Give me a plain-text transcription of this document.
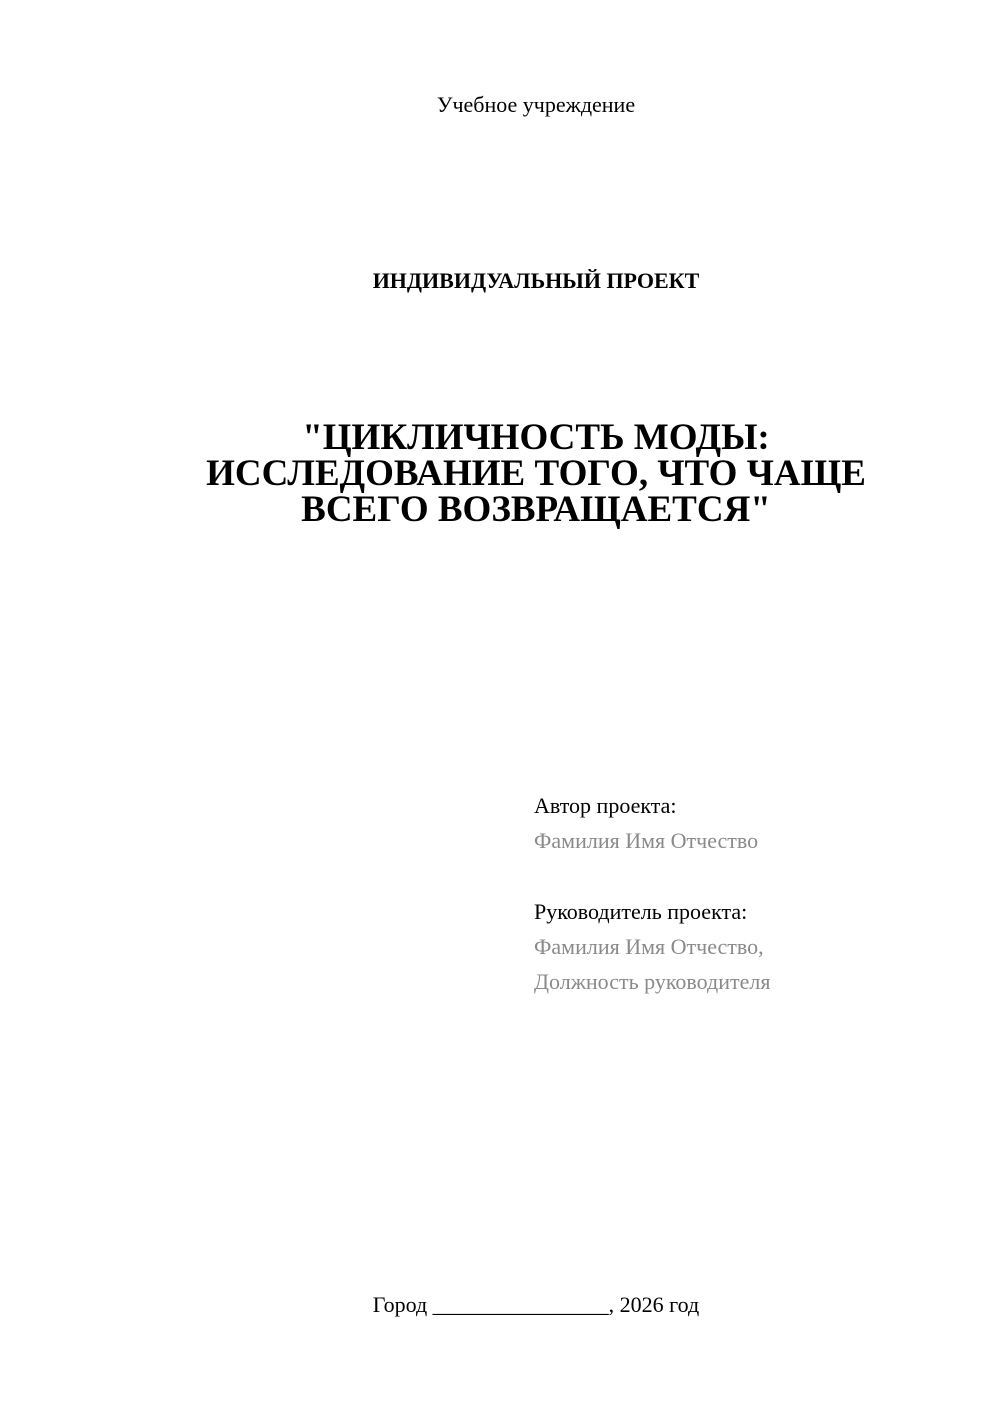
Учебное учреждение
ИНДИВИДУАЛЬНЫЙ ПРОЕКТ
"ЦИКЛИЧНОСТЬ МОДЫ:
ИССЛЕДОВАНИЕ ТОГО, ЧТО ЧАЩЕ
ВСЕГО ВОЗВРАЩАЕТСЯ"
Автор проекта:
Фамилия Имя Отчество
Руководитель проекта:
Фамилия Имя Отчество,
Должность руководителя
Город ________________, 2026 год
